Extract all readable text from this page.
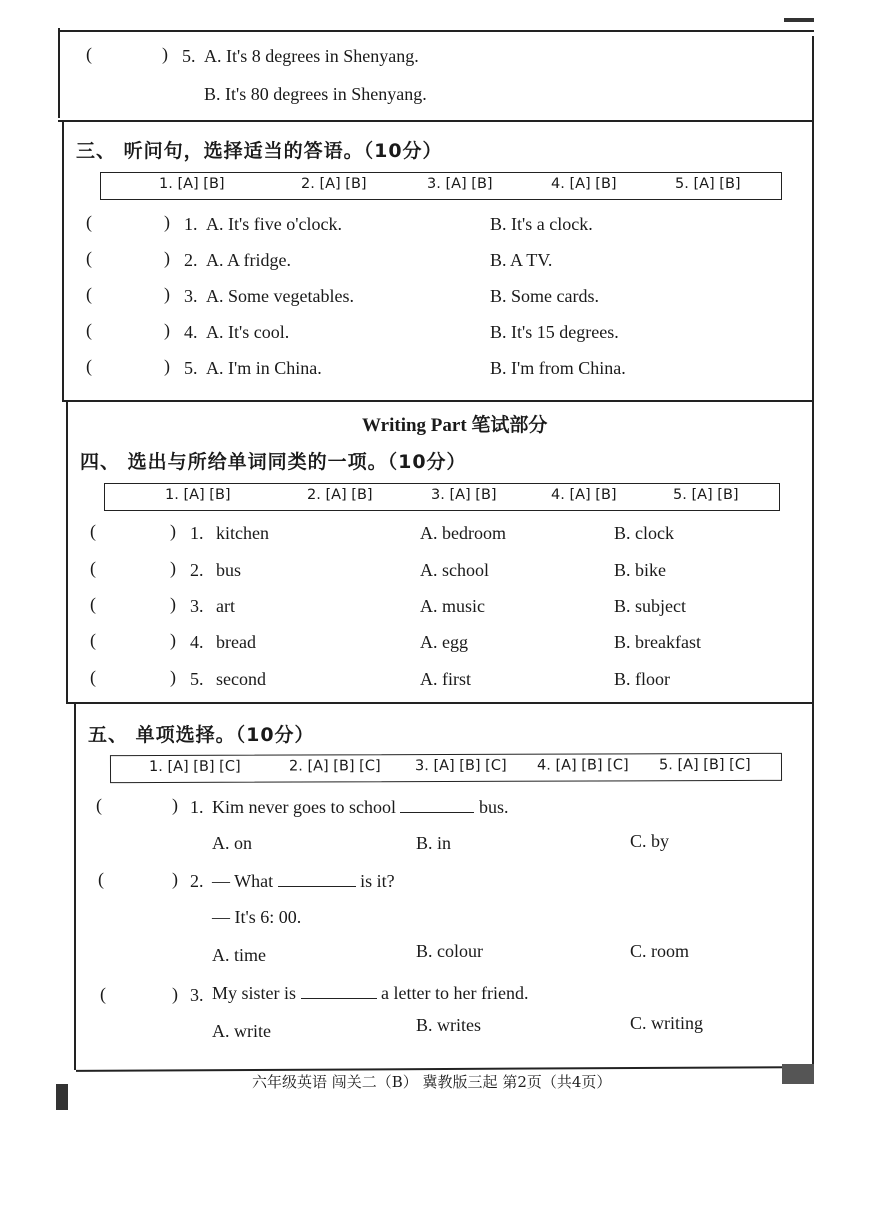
(	) 5. A. It's 8 degrees in Shenyang.
B. It's 80 degrees in Shenyang.
三、 听问句，选择适当的答语。（10分）
1. [A] [B]	2. [A] [B]	3. [A] [B]	4. [A] [B]	5. [A] [B]
(	) 1. A. It's five o'clock.	B. It's a clock.
(	) 2. A. A fridge.	B. A TV.
(	) 3. A. Some vegetables.	B. Some cards.
(	) 4. A. It's cool.	B. It's 15 degrees.
(	) 5. A. I'm in China.	B. I'm from China.
Writing Part 笔试部分
四、 选出与所给单词同类的一项。（10分）
1. [A] [B]	2. [A] [B]	3. [A] [B]	4. [A] [B]	5. [A] [B]
(	) 1. kitchen	A. bedroom	B. clock
(	) 2. bus	A. school	B. bike
(	) 3. art	A. music	B. subject
(	) 4. bread	A. egg	B. breakfast
(	) 5. second	A. first	B. floor
五、 单项选择。（10分）
1. [A] [B] [C]	2. [A] [B] [C] 3. [A] [B] [C] 4. [A] [B] [C] 5. [A] [B] [C]
(	) 1. Kim never goes to school	bus.
A. on	B. in	C. by
(	) 2. — What	is it?
— It's 6: 00.
A. time	B. colour	C. room
(	) 3. My sister is	a letter to her friend.
A. write	B. writes	C. writing
六年级英语 闯关二（B） 冀教版三起 第2页（共4页）
